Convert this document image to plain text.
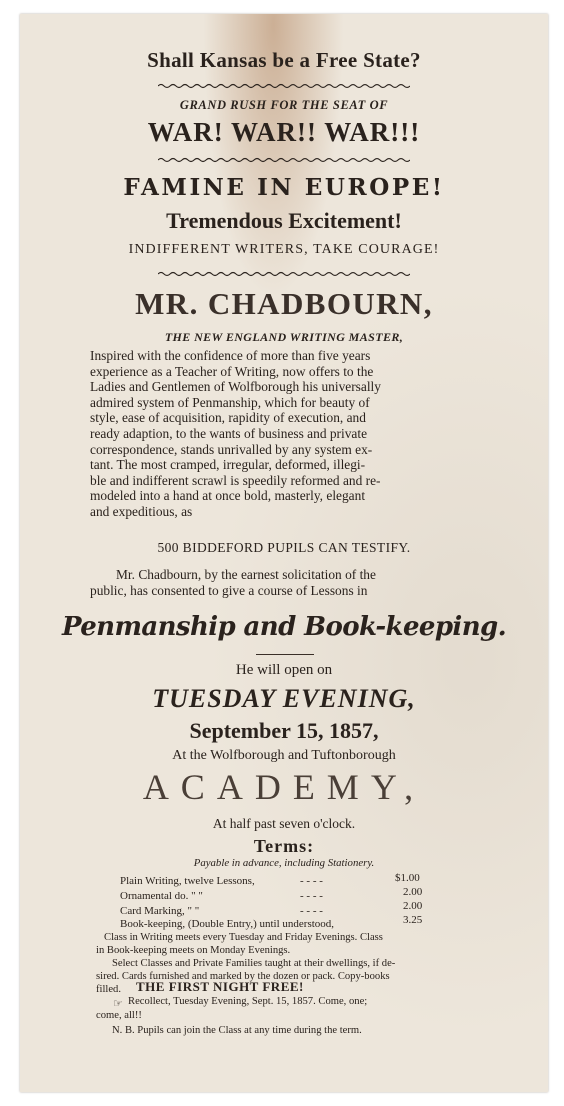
Shall Kansas be a Free State?
GRAND RUSH FOR THE SEAT OF
WAR! WAR!! WAR!!!
FAMINE IN EUROPE!
Tremendous Excitement!
INDIFFERENT WRITERS, TAKE COURAGE!
MR. CHADBOURN,
THE NEW ENGLAND WRITING MASTER,
Inspired with the confidence of more than five years
experience as a Teacher of Writing, now offers to the
Ladies and Gentlemen of Wolfborough his universally
admired system of Penmanship, which for beauty of
style, ease of acquisition, rapidity of execution, and
ready adaption, to the wants of business and private
correspondence, stands unrivalled by any system ex-
tant. The most cramped, irregular, deformed, illegi-
ble and indifferent scrawl is speedily reformed and re-
modeled into a hand at once bold, masterly, elegant
and expeditious, as
500 BIDDEFORD PUPILS CAN TESTIFY.
Mr. Chadbourn, by the earnest solicitation of the
public, has consented to give a course of Lessons in
Penmanship and Book-keeping.
He will open on
TUESDAY EVENING,
September 15, 1857,
At the Wolfborough and Tuftonborough
ACADEMY,
At half past seven o'clock.
Terms:
Payable in advance, including Stationery.
Plain Writing, twelve Lessons,	- - - -	$1.00
Ornamental do. " "	- - - -	2.00
Card Marking, " "	- - - -	2.00
Book-keeping, (Double Entry,) until understood,	3.25
Class in Writing meets every Tuesday and Friday Evenings. Class
in Book-keeping meets on Monday Evenings.
Select Classes and Private Families taught at their dwellings, if de-
sired. Cards furnished and marked by the dozen or pack. Copy-books
filled. THE FIRST NIGHT FREE!
☞ Recollect, Tuesday Evening, Sept. 15, 1857. Come, one;
come, all!!
N. B. Pupils can join the Class at any time during the term.
